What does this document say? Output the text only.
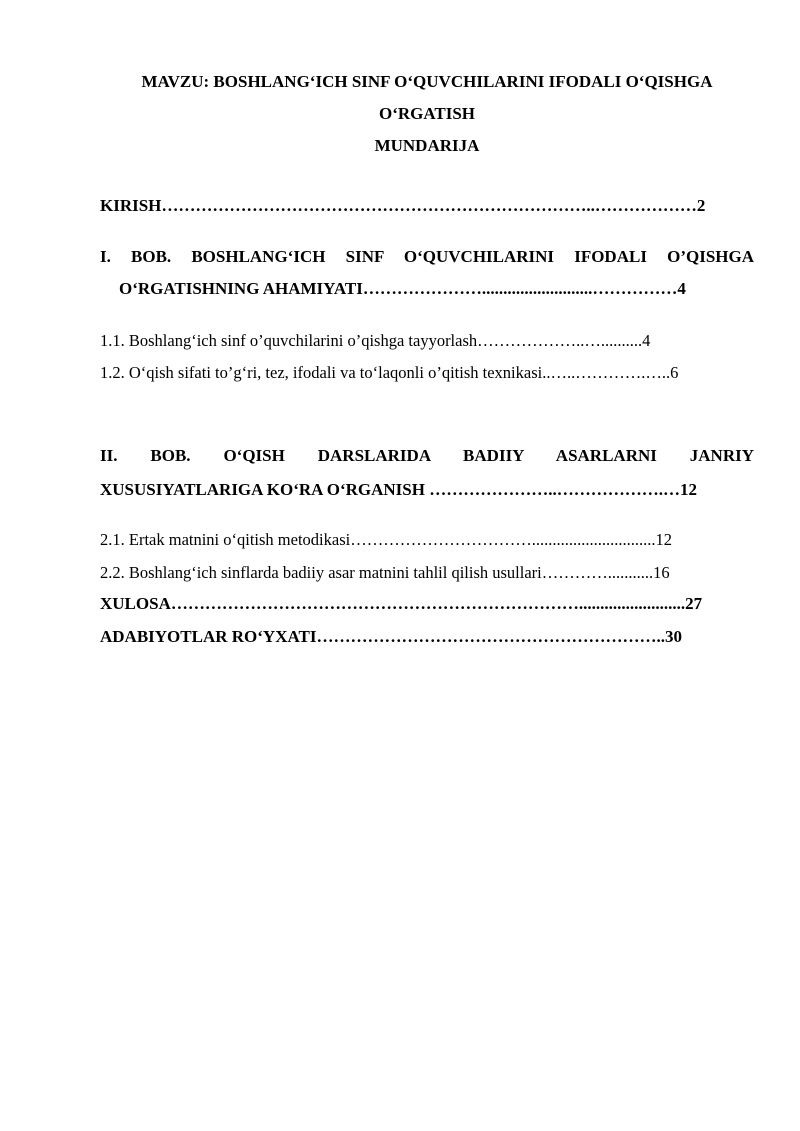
MAVZU: BOSHLANG‘ICH SINF O‘QUVCHILARINI IFODALI O‘QISHGA
O‘RGATISH
MUNDARIJA
KIRISH…………………………………………………………………..………………2
I. BOB. BOSHLANG‘ICH SINF O‘QUVCHILARINI IFODALI O’QISHGA
O‘RGATISHNING AHAMIYATI…………………..........................……………4
1.1. Boshlang‘ich sinf o’quvchilarini o’qishga tayyorlash………………..…..........4
1.2. O‘qish sifati to’g‘ri, tez, ifodali va to‘laqonli o’qitish texnikasi..…..………….…..6
II. BOB. O‘QISH DARSLARIDA BADIIY ASARLARNI JANRIY
XUSUSIYATLARIGA KO‘RA O‘RGANISH …………………..……………….…12
2.1. Ertak matnini o‘qitish metodikasi……………………………..............................12
2.2. Boshlang‘ich sinflarda badiiy asar matnini tahlil qilish usullari…………...........16
XULOSA……………………………………………………………….........................27
ADABIYOTLAR RO‘YXATI……………………………………………………..30
